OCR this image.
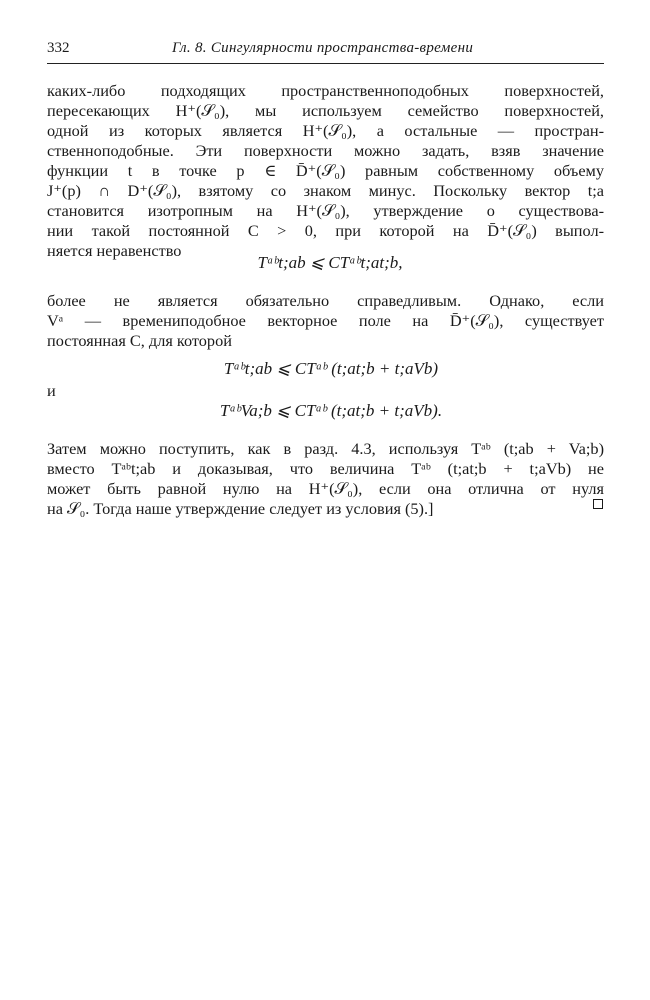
332	Гл. 8. Сингулярности пространства-времени
каких-либо подходящих пространственноподобных поверхностей,
пересекающих H⁺(𝒮₀), мы используем семейство поверхностей,
одной из которых является H⁺(𝒮₀), а остальные — простран-
ственноподобные. Эти поверхности можно задать, взяв значение
функции t в точке p ∈ D̄⁺(𝒮₀) равным собственному объему
J⁺(p) ∩ D⁺(𝒮₀), взятому со знаком минус. Поскольку вектор t;a
становится изотропным на H⁺(𝒮₀), утверждение о существова-
нии такой постоянной C > 0, при которой на D̄⁺(𝒮₀) выпол-
няется неравенство
Tᵃᵇt;ab ⩽ CTᵃᵇt;at;b,
более не является обязательно справедливым. Однако, если
Vᵃ — времениподобное векторное поле на D̄⁺(𝒮₀), существует
постоянная C, для которой
Tᵃᵇt;ab ⩽ CTᵃᵇ (t;at;b + t;aVb)
и
TᵃᵇVa;b ⩽ CTᵃᵇ (t;at;b + t;aVb).
Затем можно поступить, как в разд. 4.3, используя Tᵃᵇ (t;ab + Va;b)
вместо Tᵃᵇt;ab и доказывая, что величина Tᵃᵇ (t;at;b + t;aVb) не
может быть равной нулю на H⁺(𝒮₀), если она отлична от нуля
на 𝒮₀. Тогда наше утверждение следует из условия (5).]
